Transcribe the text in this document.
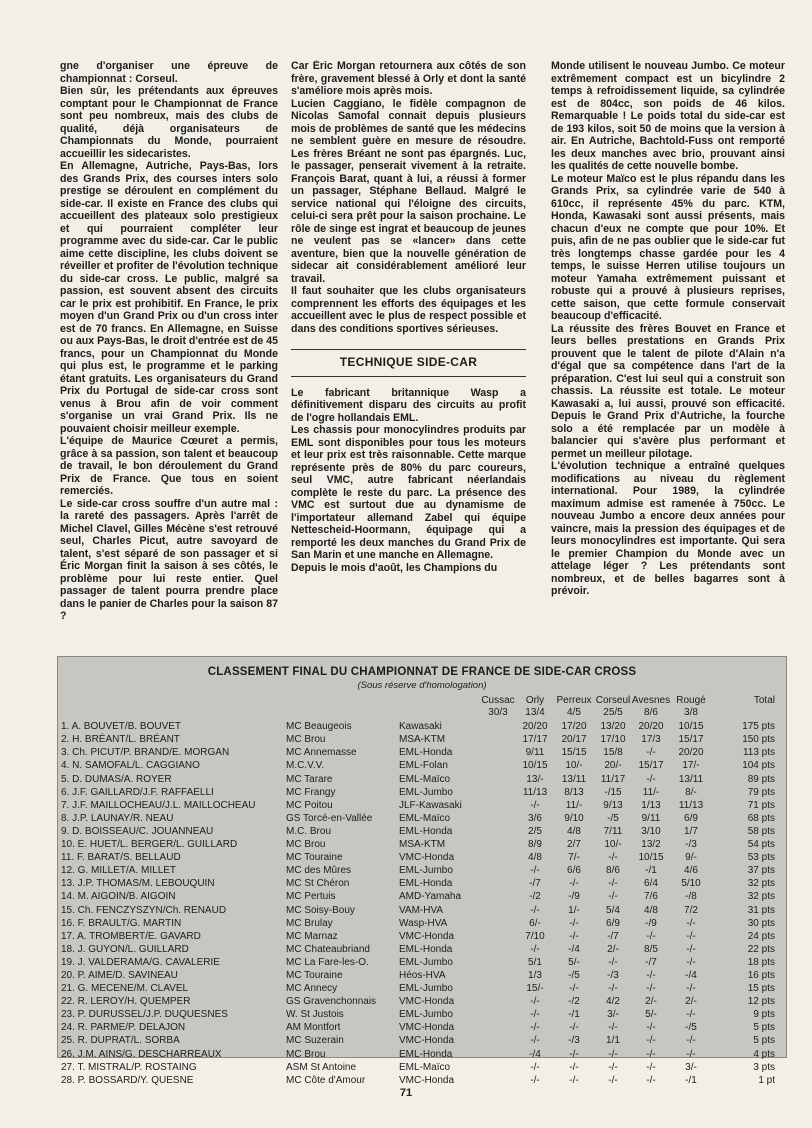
gne d'organiser une épreuve de championnat : Corseul.

Bien sûr, les prétendants aux épreuves comptant pour le Championnat de France sont peu nombreux, mais des clubs de qualité, déjà organisateurs de Championnats du Monde, pourraient accueillir les sidecaristes.

En Allemagne, Autriche, Pays-Bas, lors des Grands Prix, des courses inters solo prestige se déroulent en complément du side-car. Il existe en France des clubs qui accueillent des plateaux solo prestigieux et qui pourraient compléter leur programme avec du side-car. Car le public aime cette discipline, les clubs doivent se réveiller et profiter de l'évolution technique du side-car cross. Le public, malgré sa passion, est souvent absent des circuits car le prix est prohibitif. En France, le prix moyen d'un Grand Prix ou d'un cross inter est de 70 francs. En Allemagne, en Suisse ou aux Pays-Bas, le droit d'entrée est de 45 francs, pour un Championnat du Monde qui plus est, le programme et le parking étant gratuits. Les organisateurs du Grand Prix du Portugal de side-car cross sont venus à Brou afin de voir comment s'organise un vrai Grand Prix. Ils ne pouvaient choisir meilleur exemple.

L'équipe de Maurice Cœuret a permis, grâce à sa passion, son talent et beaucoup de travail, le bon déroulement du Grand Prix de France. Que tous en soient remerciés.

Le side-car cross souffre d'un autre mal : la rareté des passagers. Après l'arrêt de Michel Clavel, Gilles Mécène s'est retrouvé seul, Charles Picut, autre savoyard de talent, s'est séparé de son passager et si Éric Morgan finit la saison à ses côtés, le problème pour lui reste entier. Quel passager de talent pourra prendre place dans le panier de Charles pour la saison 87 ?

Car Éric Morgan retournera aux côtés de son frère, gravement blessé à Orly et dont la santé s'améliore mois après mois.

Lucien Caggiano, le fidèle compagnon de Nicolas Samofal connait depuis plusieurs mois de problèmes de santé que les médecins ne semblent guère en mesure de résoudre. Les frères Bréant ne sont pas épargnés. Luc, le passager, penserait vivement à la retraite. François Barat, quant à lui, a réussi à former un passager, Stéphane Bellaud. Malgré le service national qui l'éloigne des circuits, celui-ci sera prêt pour la saison prochaine. Le rôle de singe est ingrat et beaucoup de jeunes ne veulent pas se «lancer» dans cette aventure, bien que la nouvelle génération de sidecar ait considérablement amélioré leur travail.

Il faut souhaiter que les clubs organisateurs comprennent les efforts des équipages et les accueillent avec le plus de respect possible et dans des conditions sportives sérieuses.

TECHNIQUE SIDE-CAR

Le fabricant britannique Wasp a définitivement disparu des circuits au profit de l'ogre hollandais EML.

Les chassis pour monocylindres produits par EML sont disponibles pour tous les moteurs et leur prix est très raisonnable. Cette marque représente près de 80% du parc coureurs, seul VMC, autre fabricant néerlandais complète le reste du parc. La présence des VMC est surtout due au dynamisme de l'importateur allemand Zabel qui équipe Nettescheid-Hoormann, équipage qui a remporté les deux manches du Grand Prix de San Marin et une manche en Allemagne.

Depuis le mois d'août, les Champions du

Monde utilisent le nouveau Jumbo. Ce moteur extrêmement compact est un bicylindre 2 temps à refroidissement liquide, sa cylindrée est de 804cc, son poids de 46 kilos. Remarquable ! Le poids total du side-car est de 193 kilos, soit 50 de moins que la version à air. En Autriche, Bachtold-Fuss ont remporté les deux manches avec brio, prouvant ainsi les qualités de cette nouvelle bombe.

Le moteur Maïco est le plus répandu dans les Grands Prix, sa cylindrée varie de 540 à 610cc, il représente 45% du parc. KTM, Honda, Kawasaki sont aussi présents, mais chacun d'eux ne compte que pour 10%. Et puis, afin de ne pas oublier que le side-car fut très longtemps chasse gardée pour les 4 temps, le suisse Herren utilise toujours un moteur Yamaha extrêmement puissant et robuste qui a prouvé à plusieurs reprises, cette saison, que cette formule conservait beaucoup d'efficacité.

La réussite des frères Bouvet en France et leurs belles prestations en Grands Prix prouvent que le talent de pilote d'Alain n'a d'égal que sa compétence dans l'art de la préparation. C'est lui seul qui a construit son chassis. La réussite est totale. Le moteur Kawasaki a, lui aussi, prouvé son efficacité. Depuis le Grand Prix d'Autriche, la fourche solo a été remplacée par un modèle à balancier qui s'avère plus performant et permet un meilleur pilotage.

L'évolution technique a entraîné quelques modifications au niveau du règlement international. Pour 1989, la cylindrée maximum admise est ramenée à 750cc. Le nouveau Jumbo a encore deux années pour vaincre, mais la pression des équipages et de leurs monocylindres est importante. Qui sera le premier Champion du Monde avec un attelage léger ? Les prétendants sont nombreux, et de belles bagarres sont à prévoir.

CLASSEMENT FINAL DU CHAMPIONNAT DE FRANCE DE SIDE-CAR CROSS
(Sous réserve d'homologation)
Cussac	Orly	Perreux Corseul Avesnes Rougé	Total
30/3	13/4	4/5	25/5	8/6	3/8
1. A. BOUVET/B. BOUVET	MC Beaugeois	Kawasaki	20/20	17/20	13/20	20/20	10/15	175 pts
2. H. BRÉANT/L. BRÉANT	MC Brou	MSA-KTM	17/17	20/17	17/10	17/3	15/17	150 pts
3. Ch. PICUT/P. BRAND/E. MORGAN	MC Annemasse	EML-Honda	9/11	15/15	15/8	-/-	20/20	113 pts
4. N. SAMOFAL/L. CAGGIANO	M.C.V.V.	EML-Folan	10/15	10/-	20/-	15/17	17/-	104 pts
5. D. DUMAS/A. ROYER	MC Tarare	EML-Maïco	13/-	13/11	11/17	-/-	13/11	89 pts
6. J.F. GAILLARD/J.F. RAFFAELLI	MC Frangy	EML-Jumbo	11/13	8/13	-/15	11/-	8/-	79 pts
7. J.F. MAILLOCHEAU/J.L. MAILLOCHEAU	MC Poitou	JLF-Kawasaki	-/-	11/-	9/13	1/13	11/13	71 pts
8. J.P. LAUNAY/R. NEAU	GS Torcé-en-Vallée	EML-Maïco	3/6	9/10	-/5	9/11	6/9	68 pts
9. D. BOISSEAU/C. JOUANNEAU	M.C. Brou	EML-Honda	2/5	4/8	7/11	3/10	1/7	58 pts
10. E. HUET/L. BERGER/L. GUILLARD	MC Brou	MSA-KTM	8/9	2/7	10/-	13/2	-/3	54 pts
11. F. BARAT/S. BELLAUD	MC Touraine	VMC-Honda	4/8	7/-	-/-	10/15	9/-	53 pts
12. G. MILLET/A. MILLET	MC des Mûres	EML-Jumbo	-/-	6/6	8/6	-/1	4/6	37 pts
13. J.P. THOMAS/M. LEBOUQUIN	MC St Chéron	EML-Honda	-/7	-/-	-/-	6/4	5/10	32 pts
14. M. AIGOIN/B. AIGOIN	MC Pertuis	AMD-Yamaha	-/2	-/9	-/-	7/6	-/8	32 pts
15. Ch. FENCZYSZYN/Ch. RENAUD	MC Soisy-Bouy	VAM-HVA	-/-	1/-	5/4	4/8	7/2	31 pts
16. F. BRAULT/G. MARTIN	MC Brulay	Wasp-HVA	6/-	-/-	6/9	-/9	-/-	30 pts
17. A. TROMBERT/E. GAVARD	MC Marnaz	VMC-Honda	7/10	-/-	-/7	-/-	-/-	24 pts
18. J. GUYON/L. GUILLARD	MC Chateaubriand	EML-Honda	-/-	-/4	2/-	8/5	-/-	22 pts
19. J. VALDERAMA/G. CAVALERIE	MC La Fare-les-O.	EML-Jumbo	5/1	5/-	-/-	-/7	-/-	18 pts
20. P. AIME/D. SAVINEAU	MC Touraine	Héos-HVA	1/3	-/5	-/3	-/-	-/4	16 pts
21. G. MECENE/M. CLAVEL	MC Annecy	EML-Jumbo	15/-	-/-	-/-	-/-	-/-	15 pts
22. R. LEROY/H. QUEMPER	GS Gravenchonnais	VMC-Honda	-/-	-/2	4/2	2/-	2/-	12 pts
23. P. DURUSSEL/J.P. DUQUESNES	W. St Justois	EML-Jumbo	-/-	-/1	3/-	5/-	-/-	9 pts
24. R. PARME/P. DELAJON	AM Montfort	VMC-Honda	-/-	-/-	-/-	-/-	-/5	5 pts
25. R. DUPRAT/L. SORBA	MC Suzerain	VMC-Honda	-/-	-/3	1/1	-/-	-/-	5 pts
26. J.M. AINS/G. DESCHARREAUX	MC Brou	EML-Honda	-/4	-/-	-/-	-/-	-/-	4 pts
27. T. MISTRAL/P. ROSTAING	ASM St Antoine	EML-Maïco	-/-	-/-	-/-	-/-	3/-	3 pts
28. P. BOSSARD/Y. QUESNE	MC Côte d'Amour	VMC-Honda	-/-	-/-	-/-	-/-	-/1	1 pt
71
